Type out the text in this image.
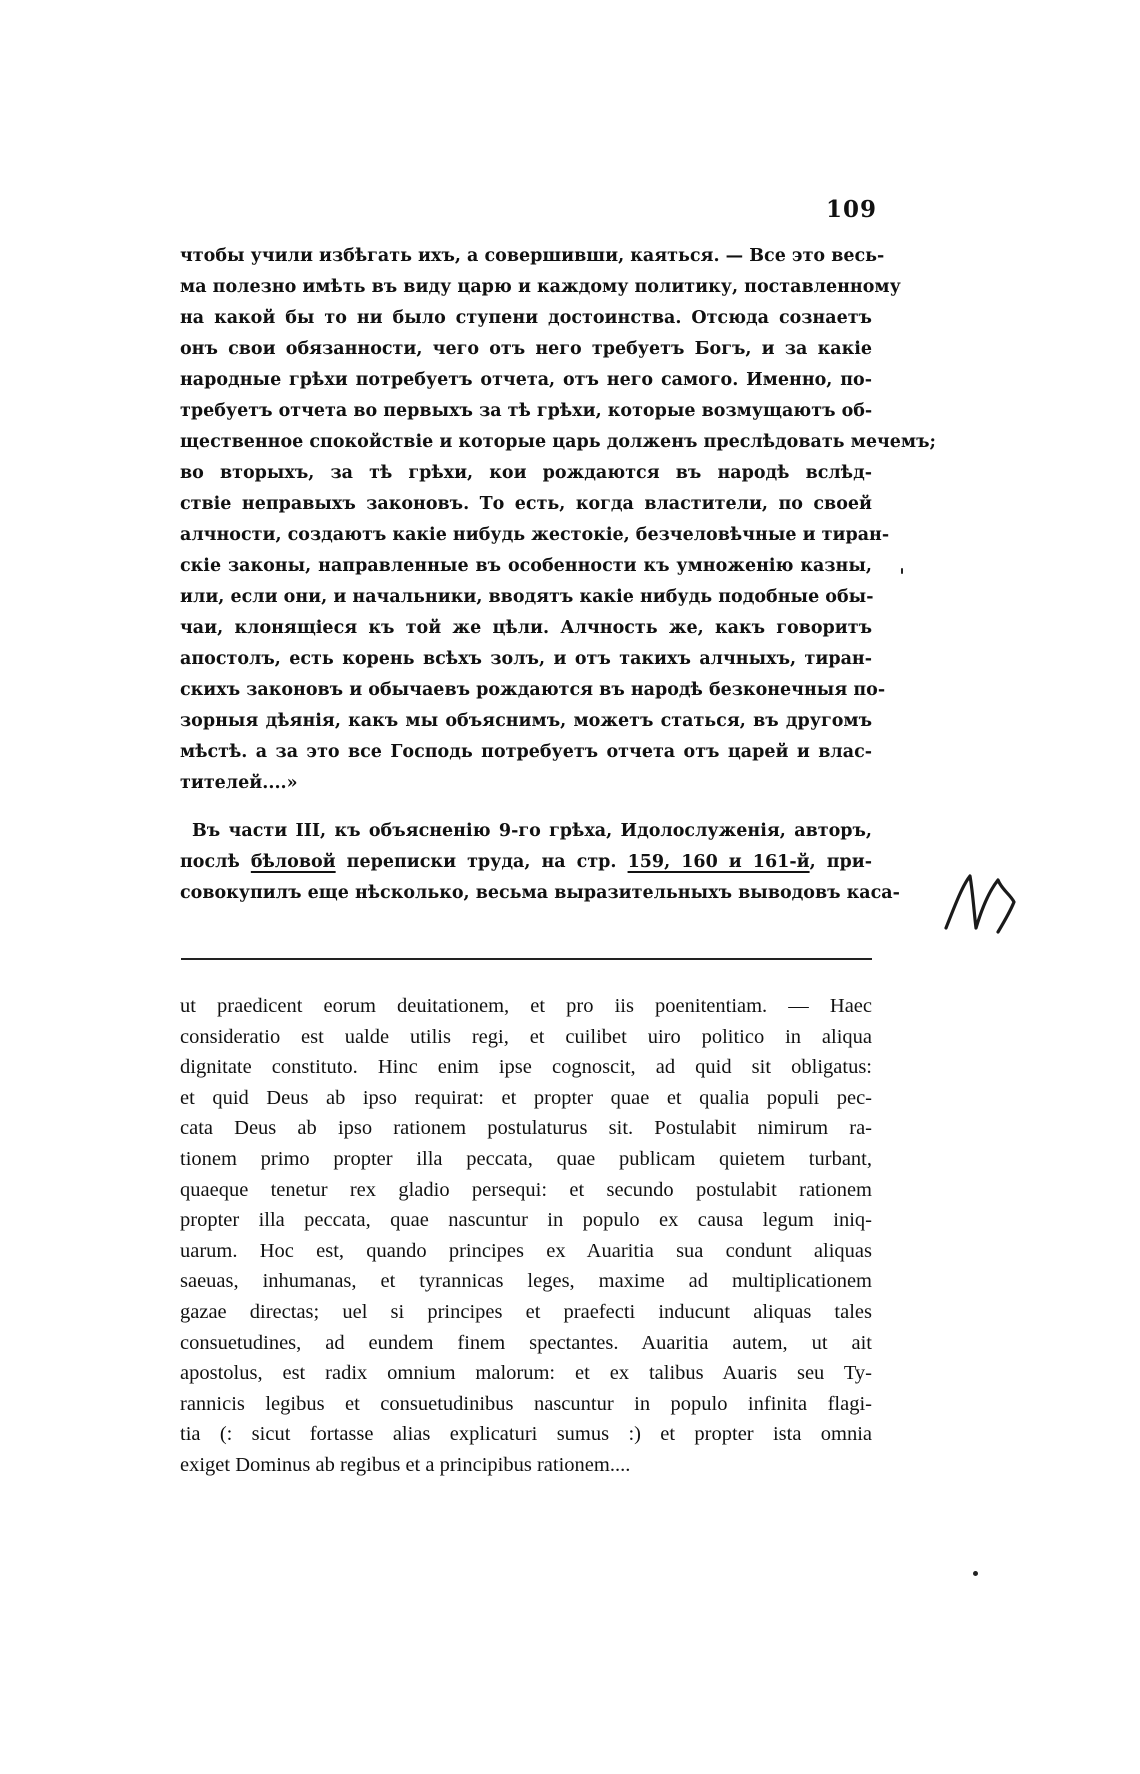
109
чтобы учили избѣгать ихъ, а совершивши, каяться. — Все это весь-
ма полезно имѣть въ виду царю и каждому политику, поставленному
на какой бы то ни было ступени достоинства. Отсюда сознаетъ
онъ свои обязанности, чего отъ него требуетъ Богъ, и за какіе
народные грѣхи потребуетъ отчета, отъ него самого. Именно, по-
требуетъ отчета во первыхъ за тѣ грѣхи, которые возмущаютъ об-
щественное спокойствіе и которые царь долженъ преслѣдовать мечемъ;
во вторыхъ, за тѣ грѣхи, кои рождаются въ народѣ вслѣд-
ствіе неправыхъ законовъ. То есть, когда властители, по своей
алчности, создаютъ какіе нибудь жестокіе, безчеловѣчные и тиран-
скіе законы, направленные въ особенности къ умноженію казны,
или, если они, и начальники, вводятъ какіе нибудь подобные обы-
чаи, клонящіеся къ той же цѣли. Алчность же, какъ говоритъ
апостолъ, есть корень всѣхъ золъ, и отъ такихъ алчныхъ, тиран-
скихъ законовъ и обычаевъ рождаются въ народѣ безконечныя по-
зорныя дѣянія, какъ мы объяснимъ, можетъ статься, въ другомъ
мѣстѣ. а за это все Господь потребуетъ отчета отъ царей и влас-
тителей....»
Въ части III, къ объясненію 9-го грѣха, Идолослуженія, авторъ,
послѣ бѣловой переписки труда, на стр. 159, 160 и 161-й, при-
совокупилъ еще нѣсколько, весьма выразительныхъ выводовъ каса-
ut praedicent eorum deuitationem, et pro iis poenitentiam. — Haec
consideratio est ualde utilis regi, et cuilibet uiro politico in aliqua
dignitate constituto. Hinc enim ipse cognoscit, ad quid sit obligatus:
et quid Deus ab ipso requirat: et propter quae et qualia populi pec-
cata Deus ab ipso rationem postulaturus sit. Postulabit nimirum ra-
tionem primo propter illa peccata, quae publicam quietem turbant,
quaeque tenetur rex gladio persequi: et secundo postulabit rationem
propter illa peccata, quae nascuntur in populo ex causa legum iniq-
uarum. Hoc est, quando principes ex Auaritia sua condunt aliquas
saeuas, inhumanas, et tyrannicas leges, maxime ad multiplicationem
gazae directas; uel si principes et praefecti inducunt aliquas tales
consuetudines, ad eundem finem spectantes. Auaritia autem, ut ait
apostolus, est radix omnium malorum: et ex talibus Auaris seu Ty-
rannicis legibus et consuetudinibus nascuntur in populo infinita flagi-
tia (: sicut fortasse alias explicaturi sumus :) et propter ista omnia
exiget Dominus ab regibus et a principibus rationem....
